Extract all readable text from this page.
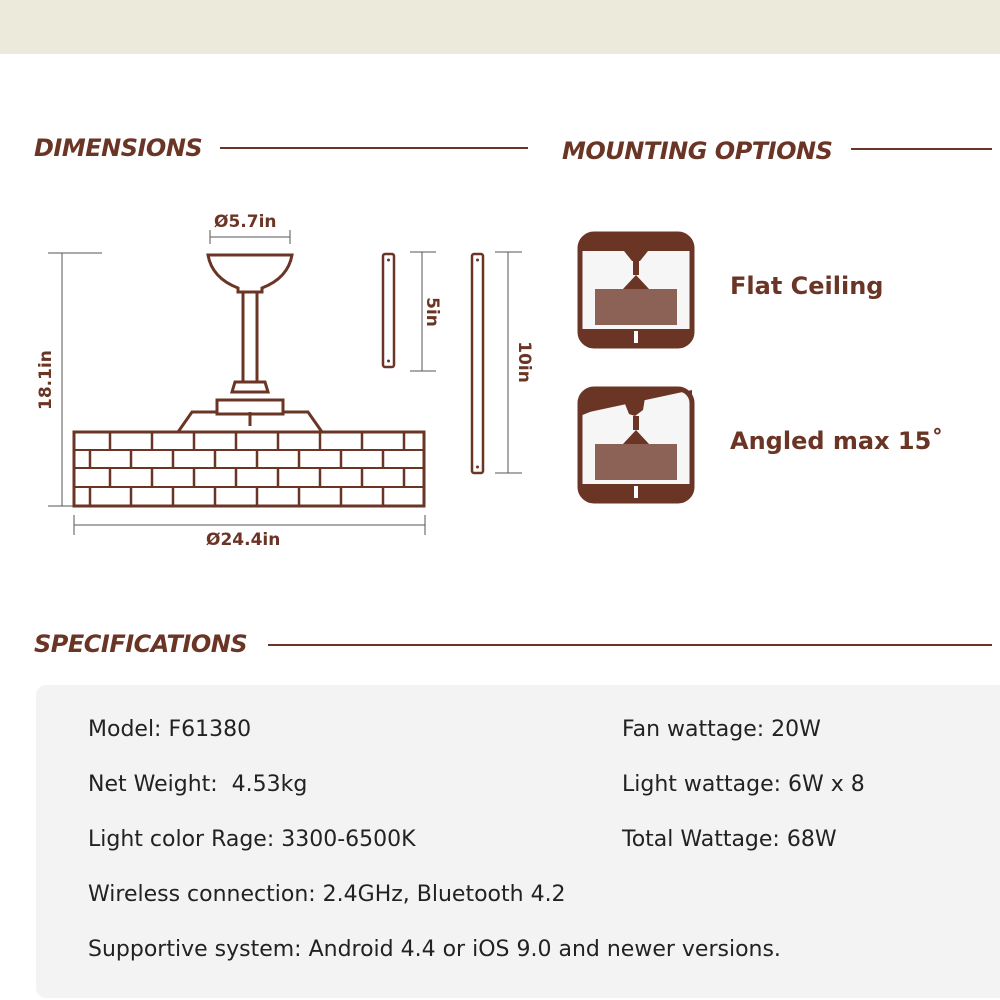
DIMENSIONS	MOUNTING OPTIONS
Ø5.7in
18.1in
Ø24.4in
5in
10in
Flat Ceiling
Angled max 15˚
SPECIFICATIONS
Model: F61380	Fan wattage: 20W
Net Weight:  4.53kg	Light wattage: 6W x 8
Light color Rage: 3300-6500K	Total Wattage: 68W
Wireless connection: 2.4GHz, Bluetooth 4.2
Supportive system: Android 4.4 or iOS 9.0 and newer versions.
